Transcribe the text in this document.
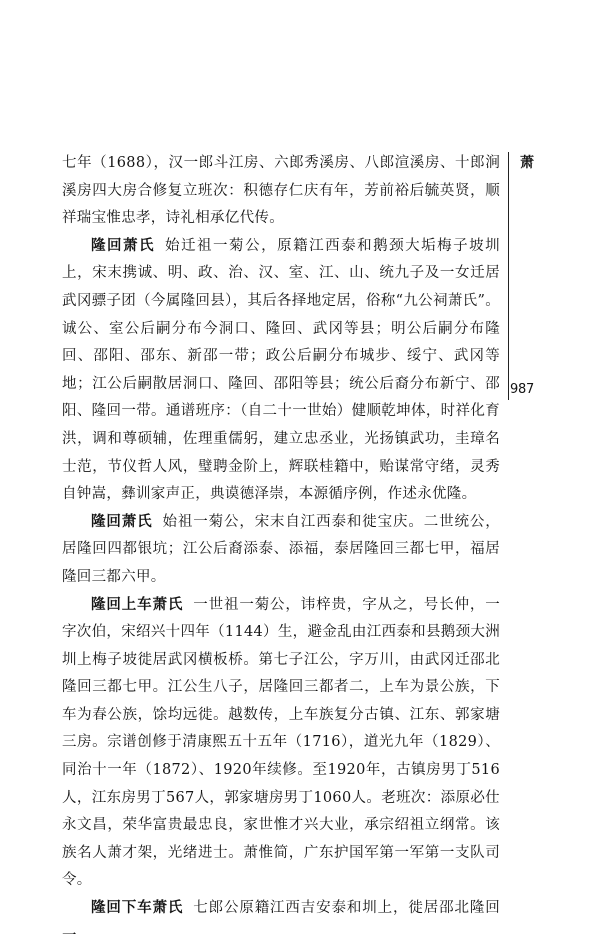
七年（1688），汉一郎斗江房、六郎秀溪房、八郎渲溪房、十郎涧溪房四大房合修复立班次：积德存仁庆有年，芳前裕后毓英贤，顺祥瑞宝惟忠孝，诗礼相承亿代传。

隆回萧氏 始迁祖一菊公，原籍江西泰和鹅颈大垢梅子坡圳上，宋末携诚、明、政、治、汉、室、江、山、统九子及一女迁居武冈骠子团（今属隆回县），其后各择地定居，俗称“九公祠萧氏”。诚公、室公后嗣分布今洞口、隆回、武冈等县；明公后嗣分布隆回、邵阳、邵东、新邵一带；政公后嗣分布城步、绥宁、武冈等地；江公后嗣散居洞口、隆回、邵阳等县；统公后裔分布新宁、邵阳、隆回一带。通谱班序：（自二十一世始）健顺乾坤体，时祥化育洪，调和尊硕辅，佐理重儒躬，建立忠丞业，光扬镇武功，圭璋名士范，节仪哲人风，璧聘金阶上，辉联桂籍中，贻谋常守绪，灵秀自钟嵩，彝训家声正，典谟德泽崇，本源循序例，作述永优隆。

隆回萧氏 始祖一菊公，宋末自江西泰和徙宝庆。二世统公，居隆回四都银坑；江公后裔添泰、添福，泰居隆回三都七甲，福居隆回三都六甲。

隆回上车萧氏 一世祖一菊公，讳梓贵，字从之，号长仲，一字次伯，宋绍兴十四年（1144）生，避金乱由江西泰和县鹅颈大洲圳上梅子坡徙居武冈横板桥。第七子江公，字万川，由武冈迁邵北隆回三都七甲。江公生八子，居隆回三都者二，上车为景公族，下车为春公族，馀均远徙。越数传，上车族复分古镇、江东、郭家塘三房。宗谱创修于清康熙五十五年（1716），道光九年（1829）、同治十一年（1872）、1920年续修。至1920年，古镇房男丁516人，江东房男丁567人，郭家塘房男丁1060人。老班次：添原必仕永文昌，荣华富贵最忠良，家世惟才兴大业，承宗绍祖立纲常。该族名人萧才架，光绪进士。萧惟简，广东护国军第一军第一支队司令。

隆回下车萧氏 七郎公原籍江西吉安泰和圳上，徙居邵北隆回一

萧
987
